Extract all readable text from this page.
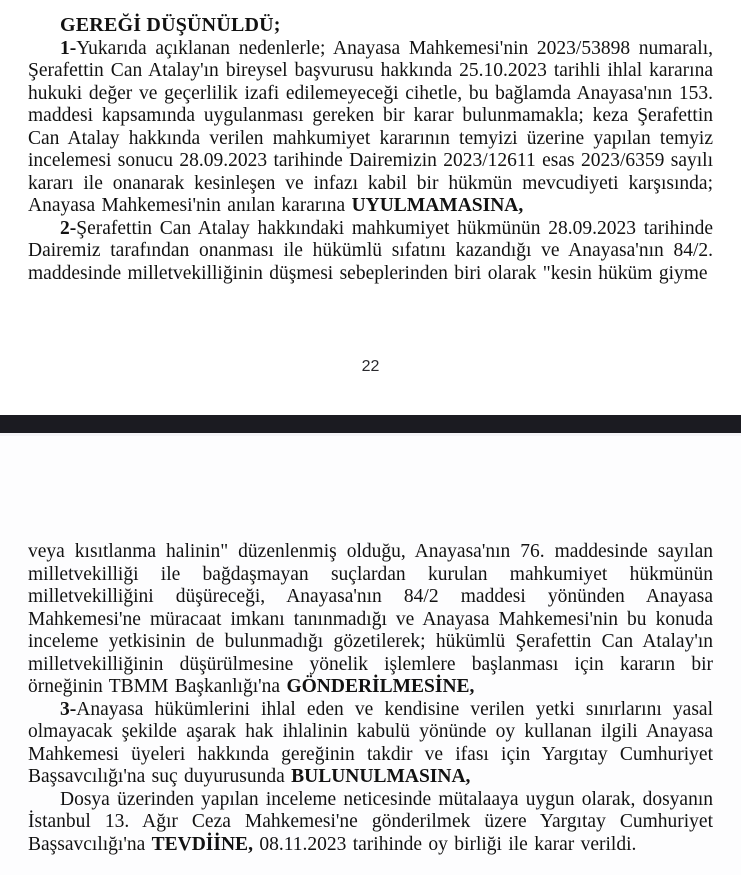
GEREĞİ DÜŞÜNÜLDÜ;

1-Yukarıda açıklanan nedenlerle; Anayasa Mahkemesi'nin 2023/53898 numaralı, Şerafettin Can Atalay'ın bireysel başvurusu hakkında 25.10.2023 tarihli ihlal kararına hukuki değer ve geçerlilik izafi edilemeyeceği cihetle, bu bağlamda Anayasa'nın 153. maddesi kapsamında uygulanması gereken bir karar bulunmamakla; keza Şerafettin Can Atalay hakkında verilen mahkumiyet kararının temyizi üzerine yapılan temyiz incelemesi sonucu 28.09.2023 tarihinde Dairemizin 2023/12611 esas 2023/6359 sayılı kararı ile onanarak kesinleşen ve infazı kabil bir hükmün mevcudiyeti karşısında; Anayasa Mahkemesi'nin anılan kararına UYULMAMASINA,

2-Şerafettin Can Atalay hakkındaki mahkumiyet hükmünün 28.09.2023 tarihinde Dairemiz tarafından onanması ile hükümlü sıfatını kazandığı ve Anayasa'nın 84/2. maddesinde milletvekilliğinin düşmesi sebeplerinden biri olarak "kesin hüküm giyme

22

veya kısıtlanma halinin" düzenlenmiş olduğu, Anayasa'nın 76. maddesinde sayılan milletvekilliği ile bağdaşmayan suçlardan kurulan mahkumiyet hükmünün milletvekilliğini düşüreceği, Anayasa'nın 84/2 maddesi yönünden Anayasa Mahkemesi'ne müracaat imkanı tanınmadığı ve Anayasa Mahkemesi'nin bu konuda inceleme yetkisinin de bulunmadığı gözetilerek; hükümlü Şerafettin Can Atalay'ın milletvekilliğinin düşürülmesine yönelik işlemlere başlanması için kararın bir örneğinin TBMM Başkanlığı'na GÖNDERİLMESİNE,

3-Anayasa hükümlerini ihlal eden ve kendisine verilen yetki sınırlarını yasal olmayacak şekilde aşarak hak ihlalinin kabulü yönünde oy kullanan ilgili Anayasa Mahkemesi üyeleri hakkında gereğinin takdir ve ifası için Yargıtay Cumhuriyet Başsavcılığı'na suç duyurusunda BULUNULMASINA,

Dosya üzerinden yapılan inceleme neticesinde mütalaaya uygun olarak, dosyanın İstanbul 13. Ağır Ceza Mahkemesi'ne gönderilmek üzere Yargıtay Cumhuriyet Başsavcılığı'na TEVDİİNE, 08.11.2023 tarihinde oy birliği ile karar verildi.
